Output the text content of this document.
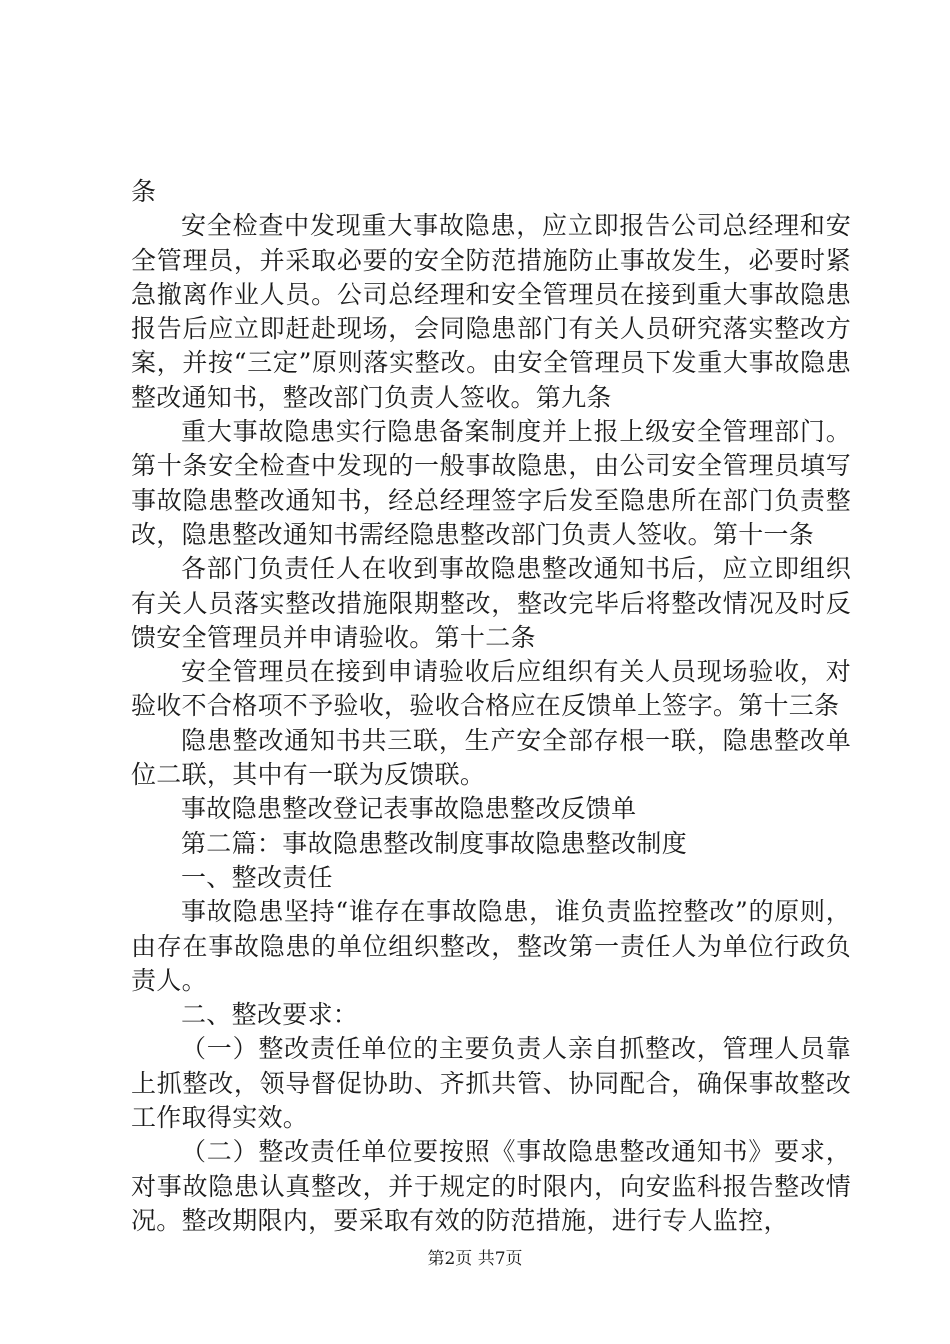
条

安全检查中发现重大事故隐患，应立即报告公司总经理和安全管理员，并采取必要的安全防范措施防止事故发生，必要时紧急撤离作业人员。公司总经理和安全管理员在接到重大事故隐患报告后应立即赶赴现场，会同隐患部门有关人员研究落实整改方案，并按“三定”原则落实整改。由安全管理员下发重大事故隐患整改通知书，整改部门负责人签收。第九条

重大事故隐患实行隐患备案制度并上报上级安全管理部门。第十条安全检查中发现的一般事故隐患，由公司安全管理员填写事故隐患整改通知书，经总经理签字后发至隐患所在部门负责整改，隐患整改通知书需经隐患整改部门负责人签收。第十一条

各部门负责任人在收到事故隐患整改通知书后，应立即组织有关人员落实整改措施限期整改，整改完毕后将整改情况及时反馈安全管理员并申请验收。第十二条

安全管理员在接到申请验收后应组织有关人员现场验收，对验收不合格项不予验收，验收合格应在反馈单上签字。第十三条

隐患整改通知书共三联，生产安全部存根一联，隐患整改单位二联，其中有一联为反馈联。

事故隐患整改登记表事故隐患整改反馈单

第二篇：事故隐患整改制度事故隐患整改制度

一、整改责任

事故隐患坚持“谁存在事故隐患，谁负责监控整改”的原则，由存在事故隐患的单位组织整改，整改第一责任人为单位行政负责人。

二、整改要求：

（一）整改责任单位的主要负责人亲自抓整改，管理人员靠上抓整改，领导督促协助、齐抓共管、协同配合，确保事故整改工作取得实效。

（二）整改责任单位要按照《事故隐患整改通知书》要求，对事故隐患认真整改，并于规定的时限内，向安监科报告整改情况。整改期限内，要采取有效的防范措施，进行专人监控，

第2页 共7页
